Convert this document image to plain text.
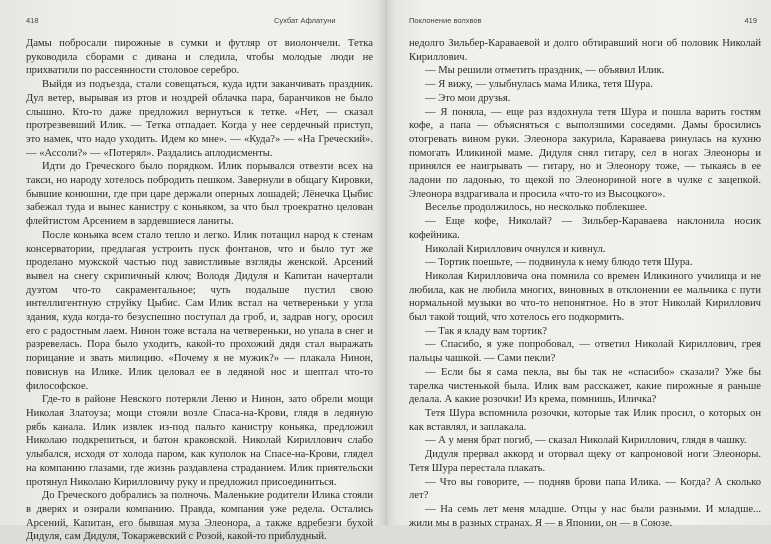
418	Сухбат Афлатуни

Дамы побросали пирожные в сумки и футляр от виолончели. Тетка руководила сборами с дивана и следила, чтобы молодые люди не прихватили по рассеянности столовое серебро.

Выйдя из подъезда, стали совещаться, куда идти заканчивать праздник. Дул ветер, вырывая из ртов и ноздрей облачка пара, баранчиков не было слышно. Кто-то даже предложил вернуться к тетке. «Нет, — сказал протрезвевший Илик. — Тетка отпадает. Когда у нее сердечный приступ, это намек, что надо уходить. Идем ко мне». — «Куда?» — «На Греческий». — «Ассоли?» — «Потерял». Раздались аплодисменты.

Идти до Греческого было порядком. Илик порывался отвезти всех на такси, но народу хотелось побродить пешком. Завернули в общагу Кировки, бывшие конюшни, где при царе держали оперных лошадей; Лёнечка Цыбис забежал туда и вынес канистру с коньяком, за что был троекратно целован флейтистом Арсением в зардевшиеся ланиты.

После коньяка всем стало тепло и легко. Илик потащил народ к стенам консерватории, предлагая устроить пуск фонтанов, что и было тут же проделано мужской частью под завистливые взгляды женской. Арсений вывел на снегу скрипичный ключ; Володя Дидуля и Капитан начертали дуэтом что-то сакраментальное; чуть подальше пустил свою интеллигентную струйку Цыбис. Сам Илик встал на четвереньки у угла здания, куда когда-то безуспешно поступал да гроб, и, задрав ногу, оросил его с радостным лаем. Нинон тоже встала на четвереньки, но упала в снег и разревелась. Пора было уходить, какой-то прохожий дядя стал выражать порицание и звать милицию. «Почему я не мужик?» — плакала Нинон, повиснув на Илике. Илик целовал ее в ледяной нос и шептал что-то философское.

Где-то в районе Невского потеряли Леню и Нинон, зато обрели мощи Николая Златоуза; мощи стояли возле Спаса-на-Крови, глядя в ледяную рябь канала. Илик извлек из-под пальто канистру коньяка, предложил Николаю подкрепиться, и батон краковской. Николай Кириллович слабо улыбался, исходя от холода паром, как куполок на Спасе-на-Крови, глядел на компанию глазами, где жизнь раздавлена страданием. Илик приятельски протянул Николаю Кирилловичу руку и предложил присоединиться.

До Греческого добрались за полночь. Маленькие родители Илика стояли в дверях и озирали компанию. Правда, компания уже редела. Остались Арсений, Капитан, его бывшая муза Элеонора, а также вдребезги бухой Дидуля, сам Дидуля, Токаржевский с Розой, какой-то приблудный.

Поклонение волхвов	419

недолго Зильбер-Караваевой и долго обтиравший ноги об половик Николай Кириллович.

— Мы решили отметить праздник, — объявил Илик.

— Я вижу, — улыбнулась мама Илика, тетя Шура.

— Это мои друзья.

— Я поняла, — еще раз вздохнула тетя Шура и пошла варить гостям кофе, а папа — объясняться с выползшими соседями. Дамы бросились отогревать вином руки. Элеонора закурила, Караваева ринулась на кухню помогать Иликиной маме. Дидуля снял гитару, сел в ногах Элеоноры и принялся ее наигрывать — гитару, но и Элеонору тоже, — тыкаясь в ее ладони по ладонью, то щекой по Элеонориной ноге в чулке с зацепкой. Элеонора вздрагивала и просила «что-то из Высоцкого».

Веселье продолжилось, но несколько поблекшее.

— Еще кофе, Николай? — Зильбер-Караваева наклонила носик кофейника.

Николай Кириллович очнулся и кивнул.

— Тортик поешьте, — подвинула к нему блюдо тетя Шура.

Николая Кирилловича она помнила со времен Иликиного училища и не любила, как не любила многих, виновных в отклонении ее мальчика с пути нормальной музыки во что-то непонятное. Но в этот Николай Кириллович был такой тощий, что хотелось его подкормить.

— Так я кладу вам тортик?

— Спасибо, я уже попробовал, — ответил Николай Кириллович, грея пальцы чашкой. — Сами пекли?

— Если бы я сама пекла, вы бы так не «спасибо» сказали? Уже бы тарелка чистенькой была. Илик вам расскажет, какие пирожные я раньше делала. А какие розочки! Из крема, помнишь, Иличка?

Тетя Шура вспомнила розочки, которые так Илик просил, о которых он как вставлял, и заплакала.

— А у меня брат погиб, — сказал Николай Кириллович, глядя в чашку.

Дидуля прервал аккорд и оторвал щеку от капроновой ноги Элеоноры. Тетя Шура перестала плакать.

— Что вы говорите, — подняв брови папа Илика. — Когда? А сколько лет?

— На семь лет меня младше. Отцы у нас были разными. И младше... жили мы в разных странах. Я — в Японии, он — в Союзе.
